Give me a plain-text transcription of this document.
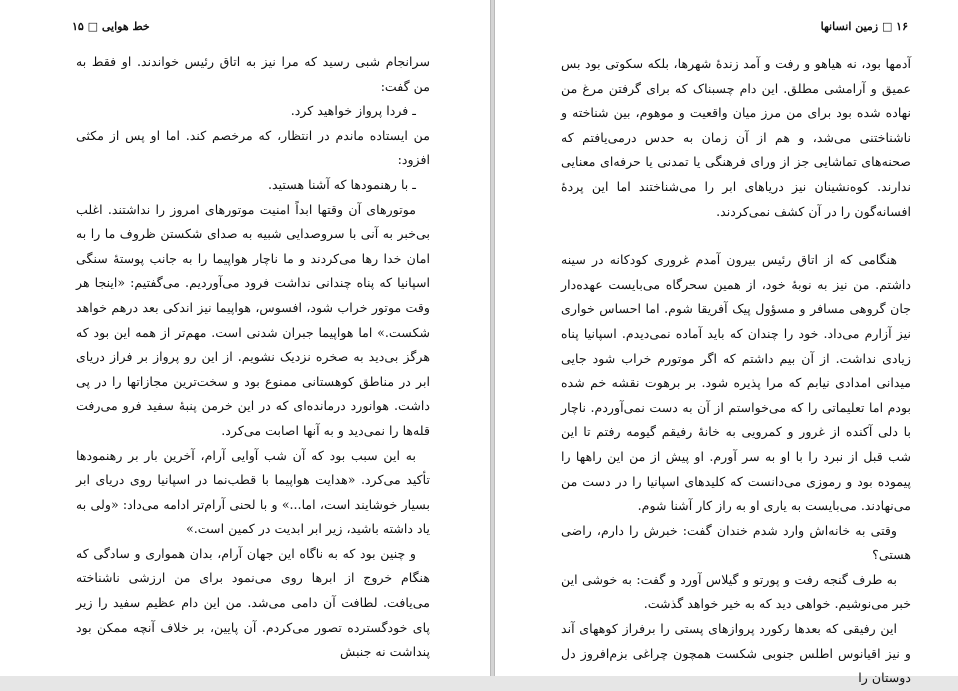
خط هوایی □ ۱۵

سرانجام شبی رسید که مرا نیز به اتاق رئیس خواندند. او فقط به من گفت:

ـ فردا پرواز خواهید کرد.

من ایستاده ماندم در انتظار، که مرخصم کند. اما او پس از مکثی افزود:

ـ با رهنمودها که آشنا هستید.

موتورهای آن وقتها ابداً امنیت موتورهای امروز را نداشتند. اغلب بی‌خبر به آنی با سروصدایی شبیه به صدای شکستن ظروف ما را به امان خدا رها می‌کردند و ما ناچار هواپیما را به جانب پوستهٔ سنگی اسپانیا که پناه چندانی نداشت فرود می‌آوردیم. می‌گفتیم: «اینجا هر وقت موتور خراب شود، افسوس، هواپیما نیز اندکی بعد درهم خواهد شکست.» اما هواپیما جبران شدنی است. مهم‌تر از همه این بود که هرگز بی‌دید به صخره نزدیک نشویم. از این رو پرواز بر فراز دریای ابر در مناطق کوهستانی ممنوع بود و سخت‌ترین مجازاتها را در پی داشت. هوانورد درمانده‌ای که در این خرمن پنبهٔ سفید فرو می‌رفت قله‌ها را نمی‌دید و به آنها اصابت می‌کرد.

به این سبب بود که آن شب آوایی آرام، آخرین بار بر رهنمودها تأکید می‌کرد. «هدایت هواپیما با قطب‌نما در اسپانیا روی دریای ابر بسیار خوشایند است، اما...» و با لحنی آرام‌تر ادامه می‌داد: «ولی به یاد داشته باشید، زیر ابر ابدیت در کمین است.»

و چنین بود که به ناگاه این جهان آرام، بدان همواری و سادگی که هنگام خروج از ابرها روی می‌نمود برای من ارزشی ناشناخته می‌یافت. لطافت آن دامی می‌شد. من این دام عظیم سفید را زیر پای خودگسترده تصور می‌کردم. آن پایین، بر خلاف آنچه ممکن بود پنداشت نه جنبش

۱۶ □ زمین انسانها

آدمها بود، نه هیاهو و رفت و آمد زندهٔ شهرها، بلکه سکوتی بود بس عمیق و آرامشی مطلق. این دام چسبناک که برای گرفتن مرغ من نهاده شده بود برای من مرز میان واقعیت و موهوم، بین شناخته و ناشناختنی می‌شد، و هم از آن زمان به حدس درمی‌یافتم که صحنه‌های تماشایی جز از ورای فرهنگی یا تمدنی یا حرفه‌ای معنایی ندارند. کوه‌نشینان نیز دریاهای ابر را می‌شناختند اما این پردهٔ افسانه‌گون را در آن کشف نمی‌کردند.

هنگامی که از اتاق رئیس بیرون آمدم غروری کودکانه در سینه داشتم. من نیز به نوبهٔ خود، از همین سحرگاه می‌بایست عهده‌دار جان گروهی مسافر و مسؤول پیک آفریقا شوم. اما احساس خواری نیز آزارم می‌داد. خود را چندان که باید آماده نمی‌دیدم. اسپانیا پناه زیادی نداشت. از آن بیم داشتم که اگر موتورم خراب شود جایی میدانی امدادی نیابم که مرا پذیره شود. بر برهوت نقشه خم شده بودم اما تعلیماتی را که می‌خواستم از آن به دست نمی‌آوردم. ناچار با دلی آکنده از غرور و کمرویی به خانهٔ رفیقم گیومه رفتم تا این شب قبل از نبرد را با او به سر آورم. او پیش از من این راهها را پیموده بود و رموزی می‌دانست که کلیدهای اسپانیا را در دست من می‌نهادند. می‌بایست به یاری او به راز کار آشنا شوم.

وقتی به خانه‌اش وارد شدم خندان گفت: خبرش را دارم، راضی هستی؟

به طرف گنجه رفت و پورتو و گیلاس آورد و گفت: به خوشی این خبر می‌نوشیم. خواهی دید که به خیر خواهد گذشت.

این رفیقی که بعدها رکورد پروازهای پستی را برفراز کوههای آند و نیز اقیانوس اطلس جنوبی شکست همچون چراغی بزم‌افروز دل دوستان را
